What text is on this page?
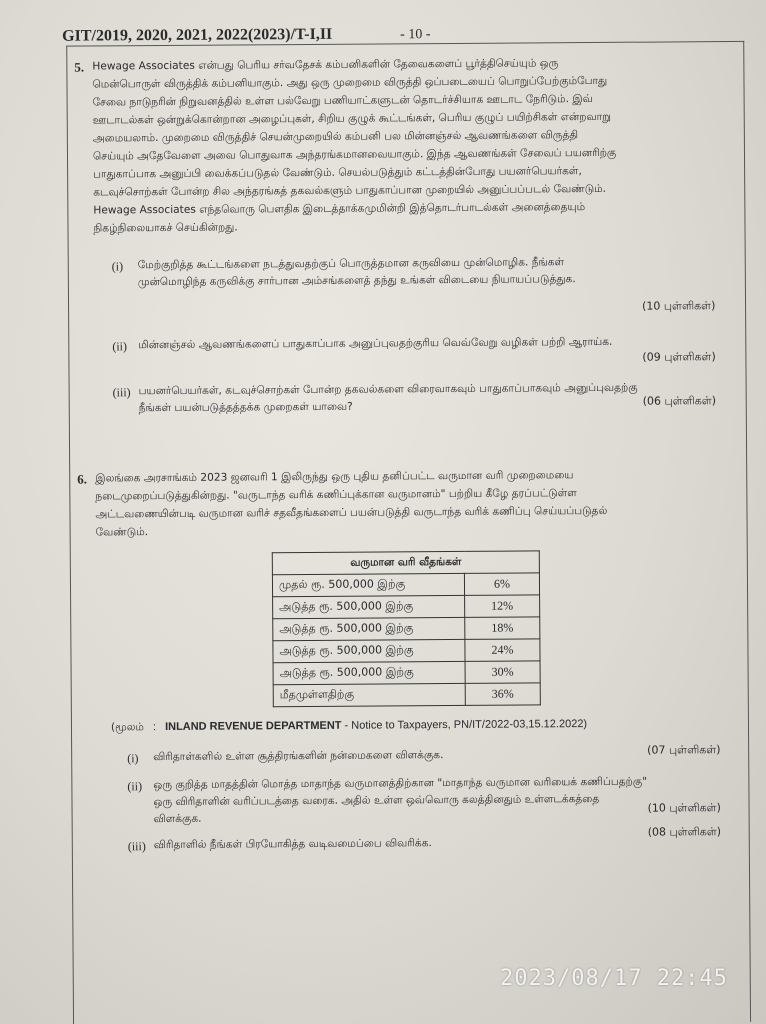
GIT/2019, 2020, 2021, 2022(2023)/T-I,II	- 10 -
5. Hewage Associates என்பது பெரிய சர்வதேசக் கம்பனிகளின் தேவைகளைப் பூர்த்திசெய்யும் ஒரு
மென்பொருள் விருத்திக் கம்பனியாகும். அது ஒரு முறைமை விருத்தி ஒப்படையைப் பொறுப்பேற்கும்போது
சேவை நாடுநரின் நிறுவனத்தில் உள்ள பல்வேறு பணியாட்களுடன் தொடர்ச்சியாக ஊடாட நேரிடும். இவ்
ஊடாடல்கள் ஒன்றுக்கொன்றான அழைப்புகள், சிறிய குழுக் கூட்டங்கள், பெரிய குழுப் பயிற்சிகள் என்றவாறு
அமையலாம். முறைமை விருத்திச் செயன்முறையில் கம்பனி பல மின்னஞ்சல் ஆவணங்களை விருத்தி
செய்யும் அதேவேளை அவை பொதுவாக அந்தரங்கமானவையாகும். இந்த ஆவணங்கள் சேவைப் பயனரிற்கு
பாதுகாப்பாக அனுப்பி வைக்கப்படுதல் வேண்டும். செயல்படுத்தும் கட்டத்தின்போது பயனர்பெயர்கள்,
கடவுச்சொற்கள் போன்ற சில அந்தரங்கத் தகவல்களும் பாதுகாப்பான முறையில் அனுப்பப்படல் வேண்டும்.
Hewage Associates எந்தவொரு பௌதிக இடைத்தாக்கமுமின்றி இத்தொடர்பாடல்கள் அனைத்தையும்
நிகழ்நிலையாகச் செய்கின்றது.
(i) மேற்குறித்த கூட்டங்களை நடத்துவதற்குப் பொருத்தமான கருவியை முன்மொழிக. நீங்கள்
முன்மொழிந்த கருவிக்கு சார்பான அம்சங்களைத் தந்து உங்கள் விடையை நியாயப்படுத்துக.
(10 புள்ளிகள்)
(ii) மின்னஞ்சல் ஆவணங்களைப் பாதுகாப்பாக அனுப்புவதற்குரிய வெவ்வேறு வழிகள் பற்றி ஆராய்க.
(09 புள்ளிகள்)
(iii) பயனர்பெயர்கள், கடவுச்சொற்கள் போன்ற தகவல்களை விரைவாகவும் பாதுகாப்பாகவும் அனுப்புவதற்கு
நீங்கள் பயன்படுத்தத்தக்க முறைகள் யாவை?	(06 புள்ளிகள்)
6. இலங்கை அரசாங்கம் 2023 ஜனவரி 1 இலிருந்து ஒரு புதிய தனிப்பட்ட வருமான வரி முறைமையை
நடைமுறைப்படுத்துகின்றது. "வருடாந்த வரிக் கணிப்புக்கான வருமானம்" பற்றிய கீழே தரப்பட்டுள்ள
அட்டவணையின்படி வருமான வரிச் சதவீதங்களைப் பயன்படுத்தி வருடாந்த வரிக் கணிப்பு செய்யப்படுதல்
வேண்டும்.
வருமான வரி வீதங்கள்	
முதல் ரூ. 500,000 இற்கு	6%
அடுத்த ரூ. 500,000 இற்கு	12%
அடுத்த ரூ. 500,000 இற்கு	18%
அடுத்த ரூ. 500,000 இற்கு	24%
அடுத்த ரூ. 500,000 இற்கு	30%
மீதமுள்ளதிற்கு	36%
(மூலம் : INLAND REVENUE DEPARTMENT - Notice to Taxpayers, PN/IT/2022-03,15.12.2022)
(i) விரிதாள்களில் உள்ள சூத்திரங்களின் நன்மைகளை விளக்குக.	(07 புள்ளிகள்)
(ii) ஒரு குறித்த மாதத்தின் மொத்த மாதாந்த வருமானத்திற்கான "மாதாந்த வருமான வரியைக் கணிப்பதற்கு"
ஒரு விரிதாளின் வரிப்படத்தை வரைக. அதில் உள்ள ஒவ்வொரு கலத்தினதும் உள்ளடக்கத்தை
விளக்குக.
(10 புள்ளிகள்)
(iii) விரிதாளில் நீங்கள் பிரயோகித்த வடிவமைப்பை விவரிக்க.
(08 புள்ளிகள்)
2023/08/17 22:45
